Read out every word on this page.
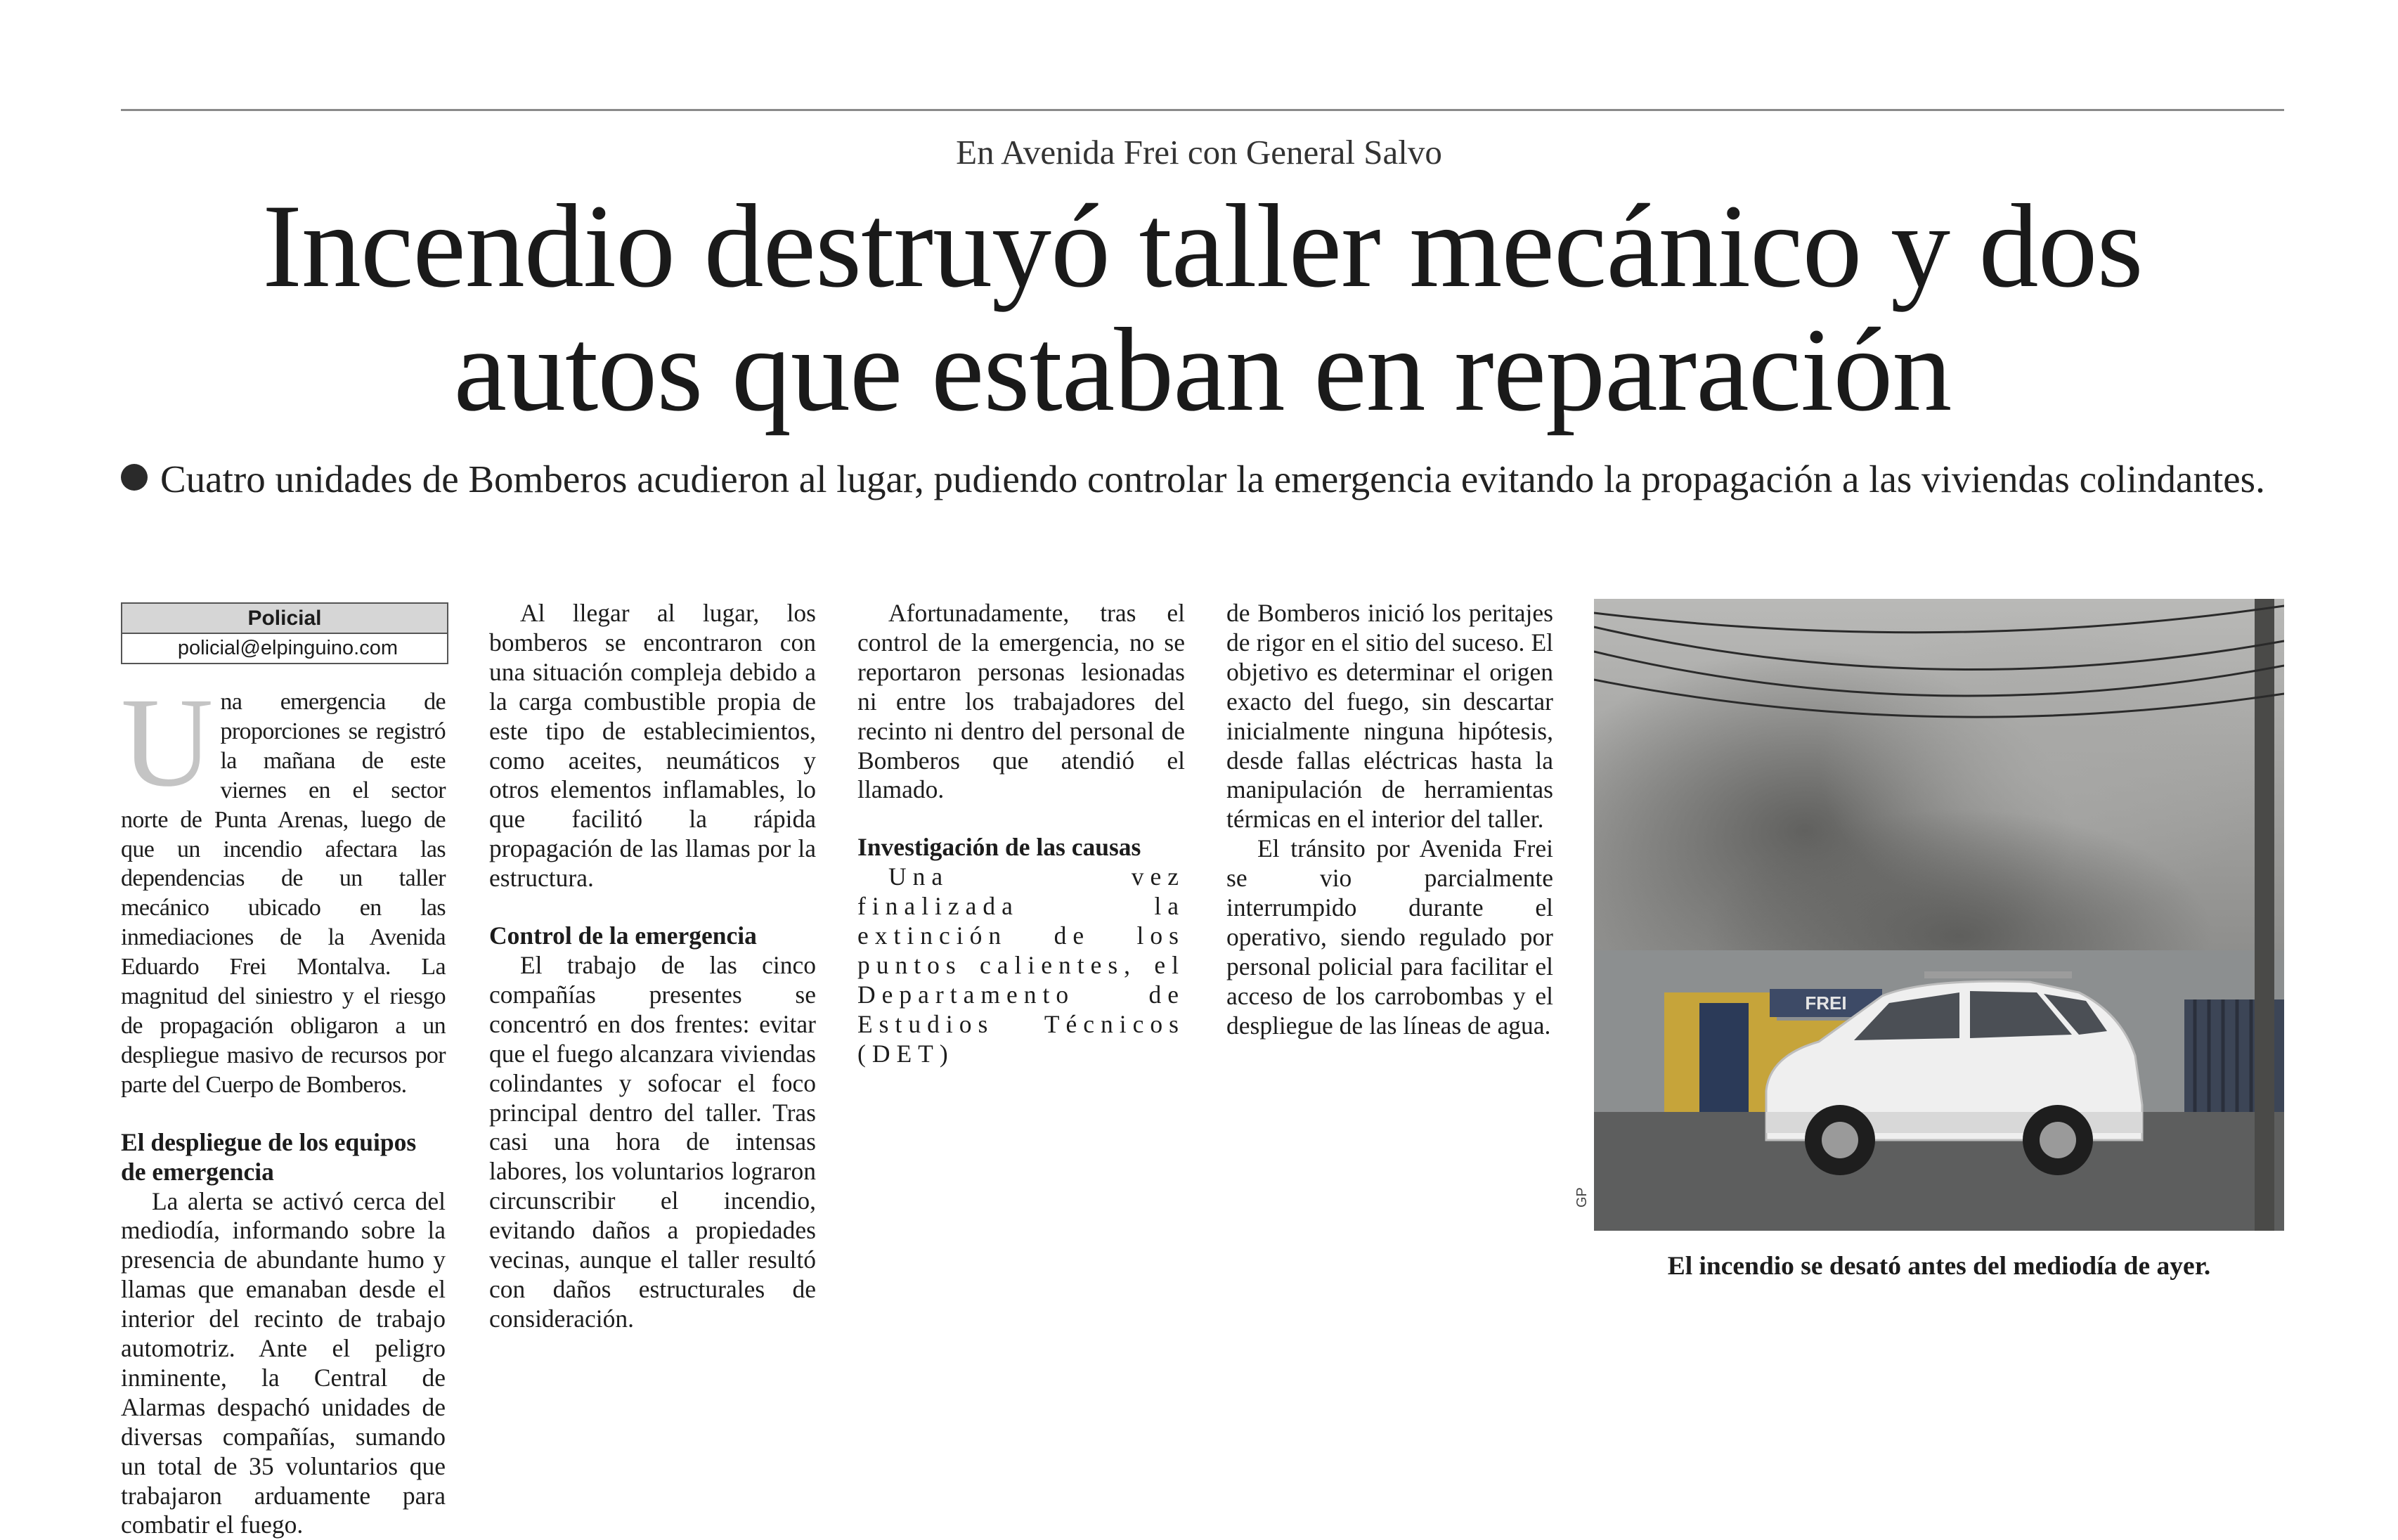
En Avenida Frei con General Salvo
Incendio destruyó taller mecánico y dos
autos que estaban en reparación
Cuatro unidades de Bomberos acudieron al lugar, pudiendo controlar la emergencia evitando la propagación a las viviendas colindantes.
Policial
policial@elpinguino.com
U na emergencia de proporciones se registró la mañana de este viernes en el sector norte de Punta Arenas, luego de que un incendio afectara las dependencias de un taller mecánico ubicado en las inmediaciones de la Avenida Eduardo Frei Montalva. La magnitud del siniestro y el riesgo de propagación obligaron a un despliegue masivo de recursos por parte del Cuerpo de Bomberos.

El despliegue de los equipos de emergencia

La alerta se activó cerca del mediodía, informando sobre la presencia de abundante humo y llamas que emanaban desde el interior del recinto de trabajo automotriz. Ante el peligro inminente, la Central de Alarmas despachó unidades de diversas compañías, sumando un total de 35 voluntarios que trabajaron arduamente para combatir el fuego.

Al llegar al lugar, los bomberos se encontraron con una situación compleja debido a la carga combustible propia de este tipo de establecimientos, como aceites, neumáticos y otros elementos inflamables, lo que facilitó la rápida propagación de las llamas por la estructura.

Control de la emergencia

El trabajo de las cinco compañías presentes se concentró en dos frentes: evitar que el fuego alcanzara viviendas colindantes y sofocar el foco principal dentro del taller. Tras casi una hora de intensas labores, los voluntarios lograron circunscribir el incendio, evitando daños a propiedades vecinas, aunque el taller resultó con daños estructurales de consideración.

Afortunadamente, tras el control de la emergencia, no se reportaron personas lesionadas ni entre los trabajadores del recinto ni dentro del personal de Bomberos que atendió el llamado.

Investigación de las causas

Una vez finalizada la extinción de los puntos calientes, el Departamento de Estudios Técnicos (DET)

de Bomberos inició los peritajes de rigor en el sitio del suceso. El objetivo es determinar el origen exacto del fuego, sin descartar inicialmente ninguna hipótesis, desde fallas eléctricas hasta la manipulación de herramientas térmicas en el interior del taller.

El tránsito por Avenida Frei se vio parcialmente interrumpido durante el operativo, siendo regulado por personal policial para facilitar el acceso de los carrobombas y el despliegue de las líneas de agua.

FREI
GP
El incendio se desató antes del mediodía de ayer.
